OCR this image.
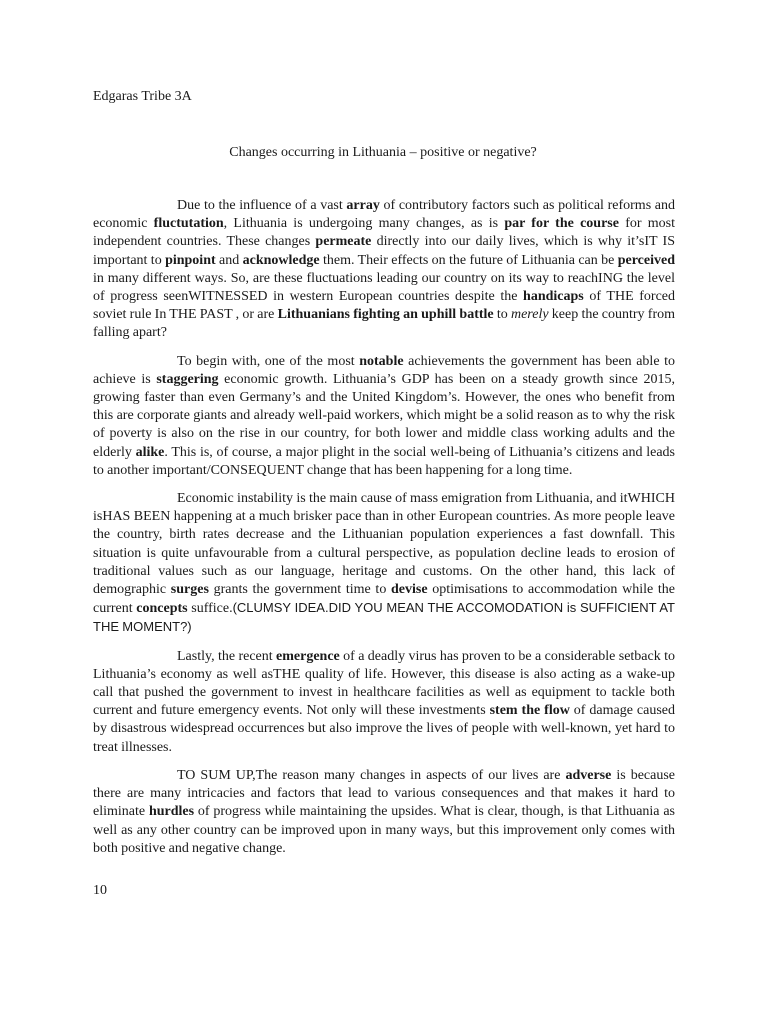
Edgaras Tribe 3A
Changes occurring in Lithuania – positive or negative?

Due to the influence of a vast array of contributory factors such as political reforms and economic fluctutation, Lithuania is undergoing many changes, as is par for the course for most independent countries. These changes permeate directly into our daily lives, which is why it’sIT IS important to pinpoint and acknowledge them. Their effects on the future of Lithuania can be perceived in many different ways. So, are these fluctuations leading our country on its way to reachING the level of progress seenWITNESSED in western European countries despite the handicaps of THE forced soviet rule In THE PAST , or are Lithuanians fighting an uphill battle to merely keep the country from falling apart?

To begin with, one of the most notable achievements the government has been able to achieve is staggering economic growth. Lithuania’s GDP has been on a steady growth since 2015, growing faster than even Germany’s and the United Kingdom’s. However, the ones who benefit from this are corporate giants and already well-paid workers, which might be a solid reason as to why the risk of poverty is also on the rise in our country, for both lower and middle class working adults and the elderly alike. This is, of course, a major plight in the social well-being of Lithuania’s citizens and leads to another important/CONSEQUENT change that has been happening for a long time.

Economic instability is the main cause of mass emigration from Lithuania, and itWHICH isHAS BEEN happening at a much brisker pace than in other European countries. As more people leave the country, birth rates decrease and the Lithuanian population experiences a fast downfall. This situation is quite unfavourable from a cultural perspective, as population decline leads to erosion of traditional values such as our language, heritage and customs. On the other hand, this lack of demographic surges grants the government time to devise optimisations to accommodation while the current concepts suffice.(CLUMSY IDEA.DID YOU MEAN THE ACCOMODATION is SUFFICIENT AT THE MOMENT?)

Lastly, the recent emergence of a deadly virus has proven to be a considerable setback to Lithuania’s economy as well asTHE quality of life. However, this disease is also acting as a wake-up call that pushed the government to invest in healthcare facilities as well as equipment to tackle both current and future emergency events. Not only will these investments stem the flow of damage caused by disastrous widespread occurrences but also improve the lives of people with well-known, yet hard to treat illnesses.

TO SUM UP,The reason many changes in aspects of our lives are adverse is because there are many intricacies and factors that lead to various consequences and that makes it hard to eliminate hurdles of progress while maintaining the upsides. What is clear, though, is that Lithuania as well as any other country can be improved upon in many ways, but this improvement only comes with both positive and negative change.

10
